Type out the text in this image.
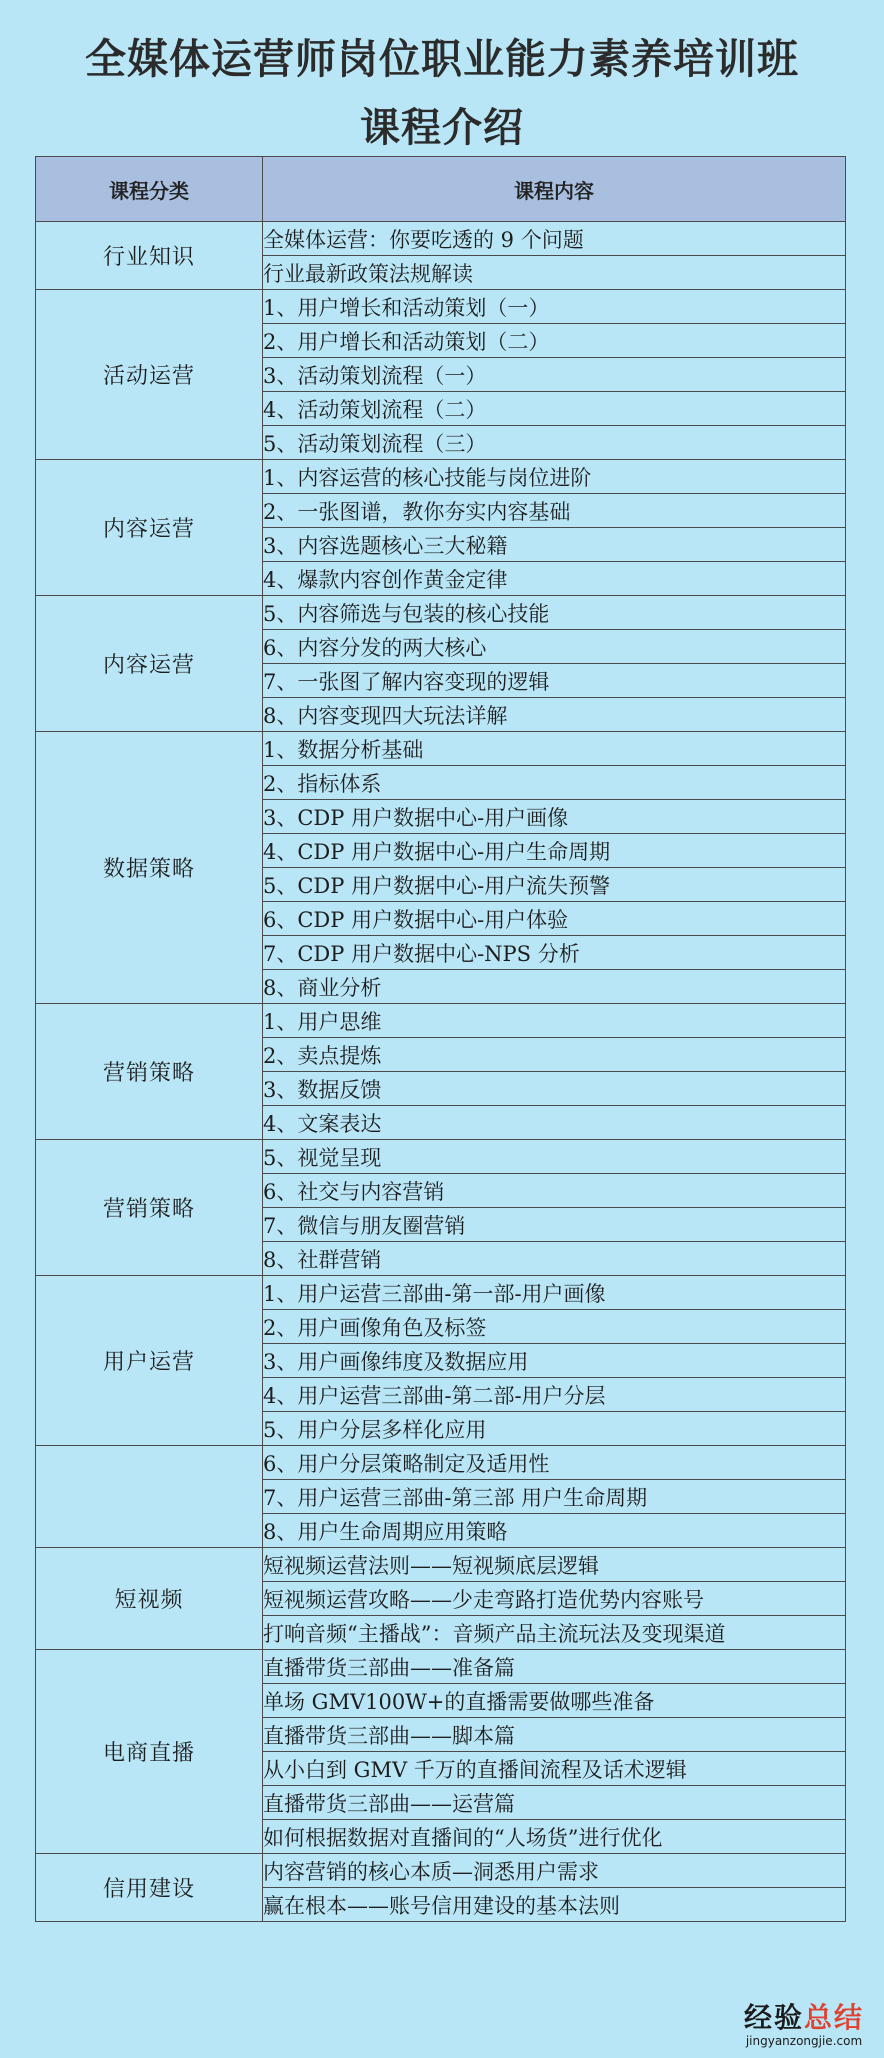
全媒体运营师岗位职业能力素养培训班
课程介绍
课程分类	课程内容
行业知识	全媒体运营：你要吃透的 9 个问题
	行业最新政策法规解读
活动运营	1、用户增长和活动策划（一）
	2、用户增长和活动策划（二）
	3、活动策划流程（一）
	4、活动策划流程（二）
	5、活动策划流程（三）
内容运营	1、内容运营的核心技能与岗位进阶
	2、一张图谱，教你夯实内容基础
	3、内容选题核心三大秘籍
	4、爆款内容创作黄金定律
内容运营	5、内容筛选与包装的核心技能
	6、内容分发的两大核心
	7、一张图了解内容变现的逻辑
	8、内容变现四大玩法详解
数据策略	1、数据分析基础
	2、指标体系
	3、CDP 用户数据中心-用户画像
	4、CDP 用户数据中心-用户生命周期
	5、CDP 用户数据中心-用户流失预警
	6、CDP 用户数据中心-用户体验
	7、CDP 用户数据中心-NPS 分析
	8、商业分析
营销策略	1、用户思维
	2、卖点提炼
	3、数据反馈
	4、文案表达
营销策略	5、视觉呈现
	6、社交与内容营销
	7、微信与朋友圈营销
	8、社群营销
用户运营	1、用户运营三部曲-第一部-用户画像
	2、用户画像角色及标签
	3、用户画像纬度及数据应用
	4、用户运营三部曲-第二部-用户分层
	5、用户分层多样化应用
	6、用户分层策略制定及适用性
	7、用户运营三部曲-第三部 用户生命周期
	8、用户生命周期应用策略
短视频	短视频运营法则——短视频底层逻辑
	短视频运营攻略——少走弯路打造优势内容账号
	打响音频“主播战”：音频产品主流玩法及变现渠道
电商直播	直播带货三部曲——准备篇
	单场 GMV100W+的直播需要做哪些准备
	直播带货三部曲——脚本篇
	从小白到 GMV 千万的直播间流程及话术逻辑
	直播带货三部曲——运营篇
	如何根据数据对直播间的“人场货”进行优化
信用建设	内容营销的核心本质—洞悉用户需求
	赢在根本——账号信用建设的基本法则
经验总结
jingyanzongjie.com
